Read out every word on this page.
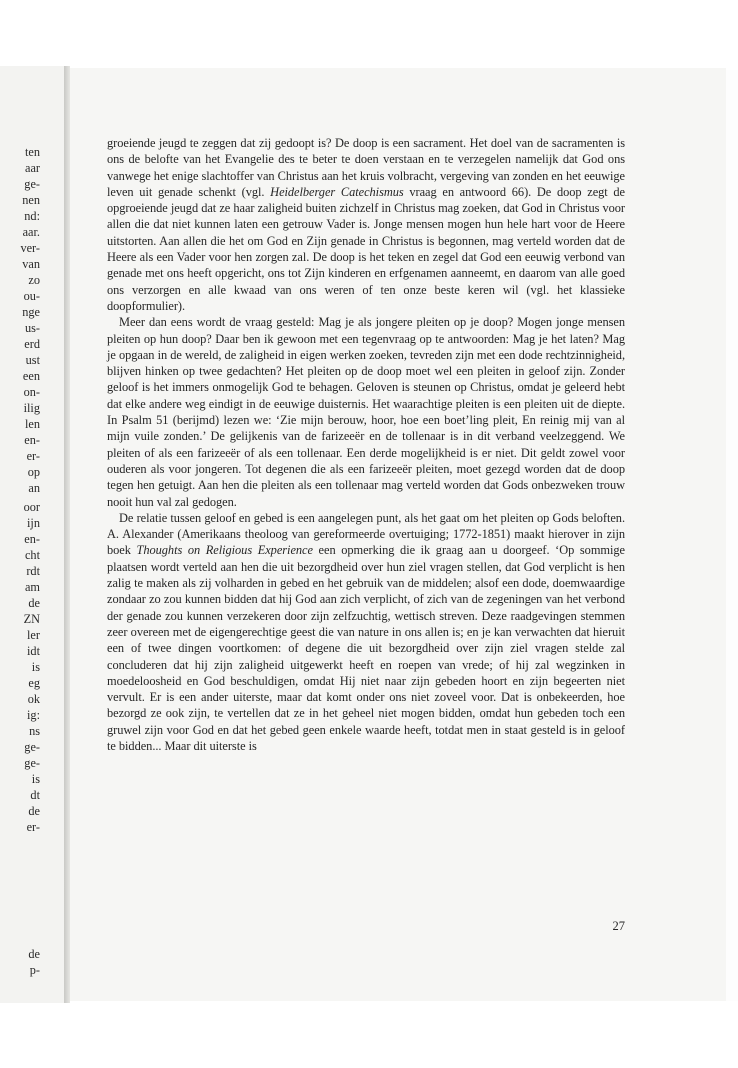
ten
aar
ge-
nen
nd:
aar.
ver-
van
zo
ou-
nge
us-
erd
ust
een
on-
ilig
len
en-
er-
op
an
oor
ijn
en-
cht
rdt
am
de
ZN
ler
idt
is
eg
ok
ig:
ns
ge-
ge-
is
dt
de
er-
de
p-

groeiende jeugd te zeggen dat zij gedoopt is? De doop is een sacrament. Het doel van de sacramenten is ons de belofte van het Evangelie des te beter te doen verstaan en te verzegelen namelijk dat God ons vanwege het enige slachtoffer van Christus aan het kruis volbracht, vergeving van zonden en het eeuwige leven uit genade schenkt (vgl. Heidelberger Catechismus vraag en antwoord 66). De doop zegt de opgroeiende jeugd dat ze haar zaligheid buiten zichzelf in Christus mag zoeken, dat God in Christus voor allen die dat niet kunnen laten een getrouw Vader is. Jonge mensen mogen hun hele hart voor de Heere uitstorten. Aan allen die het om God en Zijn genade in Christus is begonnen, mag verteld worden dat de Heere als een Vader voor hen zorgen zal. De doop is het teken en zegel dat God een eeuwig verbond van genade met ons heeft opgericht, ons tot Zijn kinderen en erfgenamen aanneemt, en daarom van alle goed ons verzorgen en alle kwaad van ons weren of ten onze beste keren wil (vgl. het klassieke doopformulier).

Meer dan eens wordt de vraag gesteld: Mag je als jongere pleiten op je doop? Mogen jonge mensen pleiten op hun doop? Daar ben ik gewoon met een tegenvraag op te antwoorden: Mag je het laten? Mag je opgaan in de wereld, de zaligheid in eigen werken zoeken, tevreden zijn met een dode rechtzinnigheid, blijven hinken op twee gedachten? Het pleiten op de doop moet wel een pleiten in geloof zijn. Zonder geloof is het immers onmogelijk God te behagen. Geloven is steunen op Christus, omdat je geleerd hebt dat elke andere weg eindigt in de eeuwige duisternis. Het waarachtige pleiten is een pleiten uit de diepte. In Psalm 51 (berijmd) lezen we: ‘Zie mijn berouw, hoor, hoe een boet’ling pleit, En reinig mij van al mijn vuile zonden.’ De gelijkenis van de farizeeër en de tollenaar is in dit verband veelzeggend. We pleiten of als een farizeeër of als een tollenaar. Een derde mogelijkheid is er niet. Dit geldt zowel voor ouderen als voor jongeren. Tot degenen die als een farizeeër pleiten, moet gezegd worden dat de doop tegen hen getuigt. Aan hen die pleiten als een tollenaar mag verteld worden dat Gods onbezweken trouw nooit hun val zal gedogen.

De relatie tussen geloof en gebed is een aangelegen punt, als het gaat om het pleiten op Gods beloften. A. Alexander (Amerikaans theoloog van gereformeerde overtuiging; 1772-1851) maakt hierover in zijn boek Thoughts on Religious Experience een opmerking die ik graag aan u doorgeef. ‘Op sommige plaatsen wordt verteld aan hen die uit bezorgdheid over hun ziel vragen stellen, dat God verplicht is hen zalig te maken als zij volharden in gebed en het gebruik van de middelen; alsof een dode, doemwaardige zondaar zo zou kunnen bidden dat hij God aan zich verplicht, of zich van de zegeningen van het verbond der genade zou kunnen verzekeren door zijn zelfzuchtig, wettisch streven. Deze raadgevingen stemmen zeer overeen met de eigengerechtige geest die van nature in ons allen is; en je kan verwachten dat hieruit een of twee dingen voortkomen: of degene die uit bezorgdheid over zijn ziel vragen stelde zal concluderen dat hij zijn zaligheid uitgewerkt heeft en roepen van vrede; of hij zal wegzinken in moedeloosheid en God beschuldigen, omdat Hij niet naar zijn gebeden hoort en zijn begeerten niet vervult. Er is een ander uiterste, maar dat komt onder ons niet zoveel voor. Dat is onbekeerden, hoe bezorgd ze ook zijn, te vertellen dat ze in het geheel niet mogen bidden, omdat hun gebeden toch een gruwel zijn voor God en dat het gebed geen enkele waarde heeft, totdat men in staat gesteld is in geloof te bidden... Maar dit uiterste is

27
